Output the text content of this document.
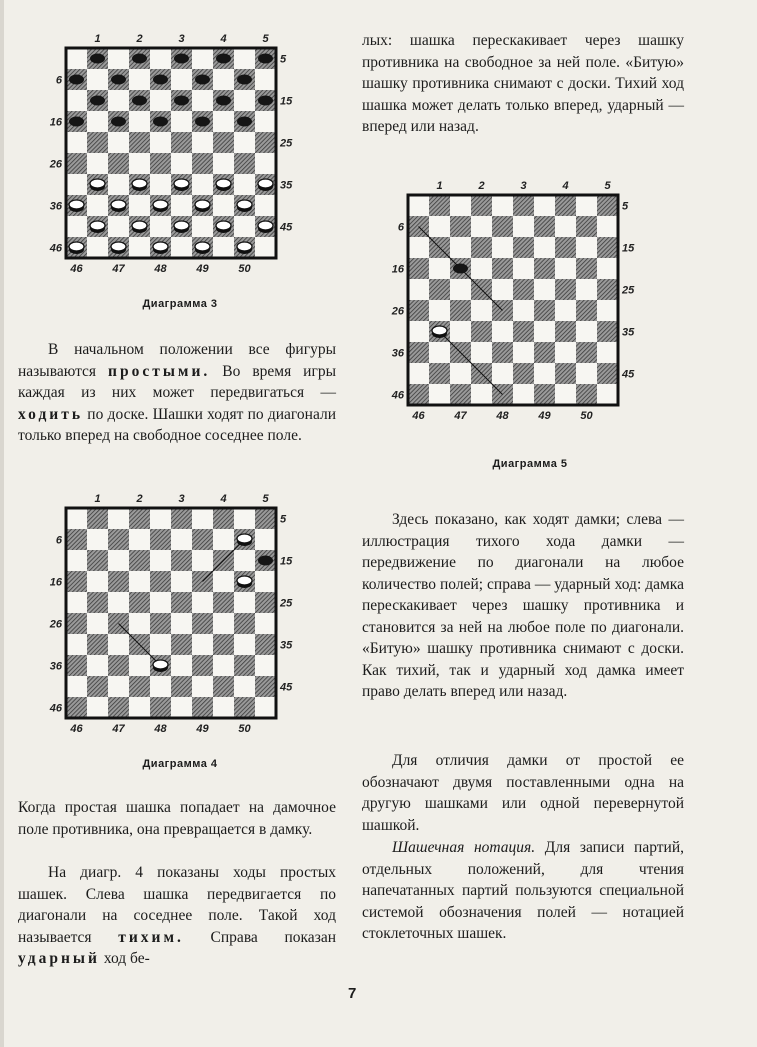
1	2	3	4	5
46	47	48	49	50
6
16
26
36
46
5
15
25
35
45
Диаграмма 3
1	2	3	4	5
46	47	48	49	50
6
16
26
36
46
5
15
25
35
45
Диаграмма 4
1	2	3	4	5
46	47	48	49	50
6
16
26
36
46
5
15
25
35
45
Диаграмма 5

В начальном положении все фигуры называются простыми. Во время игры каждая из них может передвигаться — ходить по доске. Шашки ходят по диагонали только вперед на свободное соседнее поле.

Когда простая шашка попадает на дамочное поле противника, она превращается в дамку.

На диагр. 4 показаны ходы простых шашек. Слева шашка передвигается по диагонали на соседнее поле. Такой ход называется тихим. Справа показан ударный ход бе-

лых: шашка перескакивает через шашку противника на свободное за ней поле. «Битую» шашку противника снимают с доски. Тихий ход шашка может делать только вперед, ударный — вперед или назад.

Здесь показано, как ходят дамки; слева — иллюстрация тихого хода дамки — передвижение по диагонали на любое количество полей; справа — ударный ход: дамка перескакивает через шашку противника и становится за ней на любое поле по диагонали. «Битую» шашку противника снимают с доски. Как тихий, так и ударный ход дамка имеет право делать вперед или назад.

Для отличия дамки от простой ее обозначают двумя поставленными одна на другую шашками или одной перевернутой шашкой.

Шашечная нотация. Для записи партий, отдельных положений, для чтения напечатанных партий пользуются специальной системой обозначения полей — нотацией стоклеточных шашек.

7
